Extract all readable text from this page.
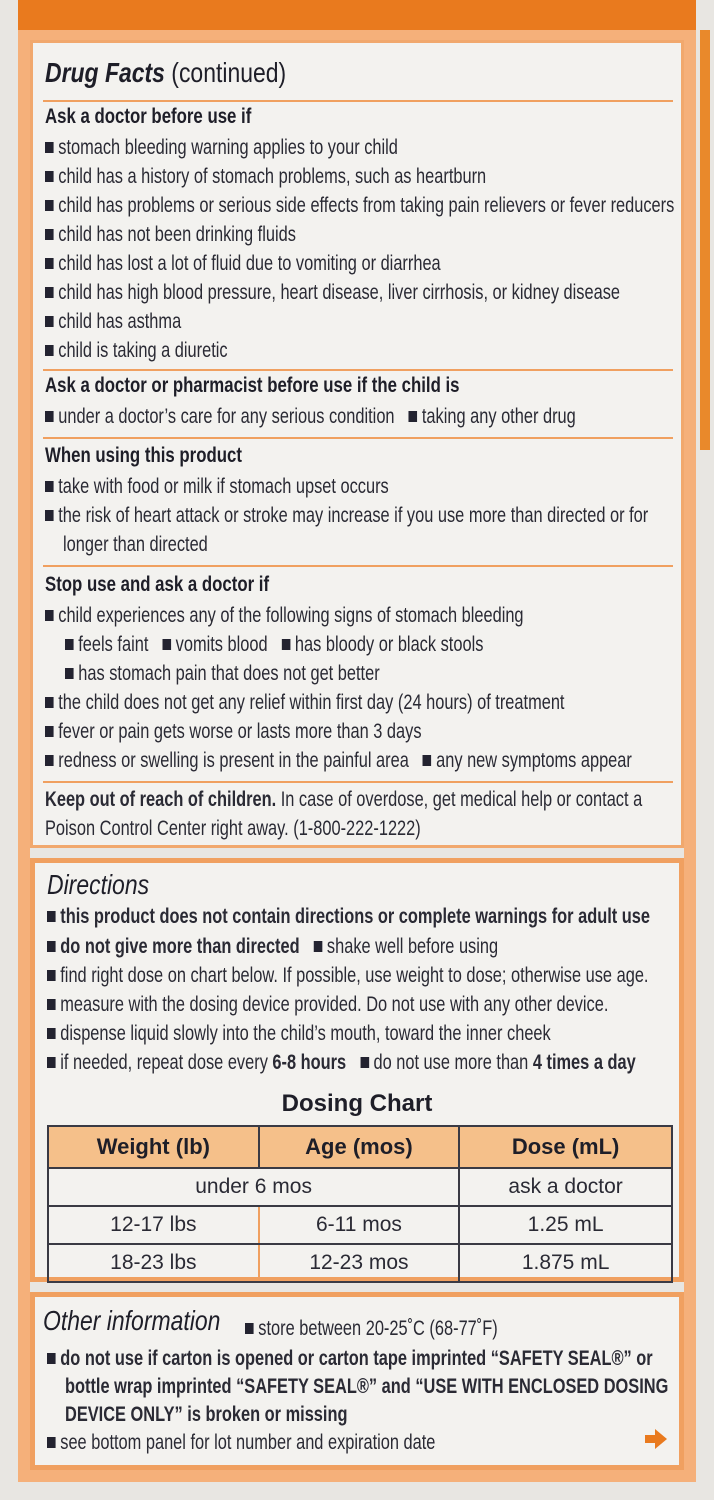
Drug Facts (continued)
Ask a doctor before use if
stomach bleeding warning applies to your child
child has a history of stomach problems, such as heartburn
child has problems or serious side effects from taking pain relievers or fever reducers
child has not been drinking fluids
child has lost a lot of fluid due to vomiting or diarrhea
child has high blood pressure, heart disease, liver cirrhosis, or kidney disease
child has asthma
child is taking a diuretic
Ask a doctor or pharmacist before use if the child is
under a doctor’s care for any serious condition taking any other drug
When using this product
take with food or milk if stomach upset occurs
the risk of heart attack or stroke may increase if you use more than directed or for
longer than directed
Stop use and ask a doctor if
child experiences any of the following signs of stomach bleeding
feels faint vomits blood has bloody or black stools
has stomach pain that does not get better
the child does not get any relief within first day (24 hours) of treatment
fever or pain gets worse or lasts more than 3 days
redness or swelling is present in the painful area any new symptoms appear
Keep out of reach of children. In case of overdose, get medical help or contact a
Poison Control Center right away. (1-800-222-1222)
Directions
this product does not contain directions or complete warnings for adult use
do not give more than directed shake well before using
find right dose on chart below. If possible, use weight to dose; otherwise use age.
measure with the dosing device provided. Do not use with any other device.
dispense liquid slowly into the child’s mouth, toward the inner cheek
if needed, repeat dose every 6-8 hours do not use more than 4 times a day
Dosing Chart
Weight (lb)	Age (mos)	Dose (mL)
under 6 mos		ask a doctor
12-17 lbs	6-11 mos	1.25 mL
18-23 lbs	12-23 mos	1.875 mL
Other information	store between 20-25˚C (68-77˚F)
do not use if carton is opened or carton tape imprinted “SAFETY SEAL®” or
bottle wrap imprinted “SAFETY SEAL®” and “USE WITH ENCLOSED DOSING
DEVICE ONLY” is broken or missing
see bottom panel for lot number and expiration date
